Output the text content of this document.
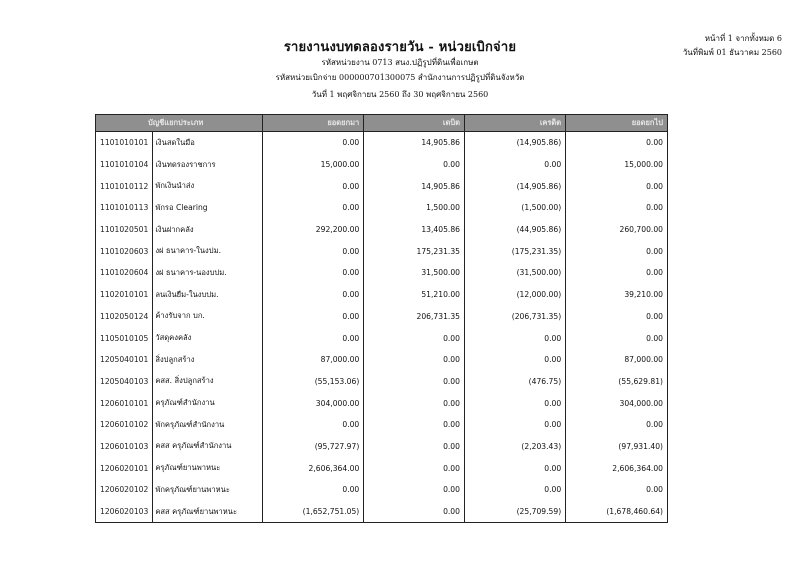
รายงานงบทดลองรายวัน - หน่วยเบิกจ่าย
รหัสหน่วยงาน 0713 สนง.ปฏิรูปที่ดินเพื่อเกษต
รหัสหน่วยเบิกจ่าย 000000701300075 สำนักงานการปฏิรูปที่ดินจังหวัด
วันที่ 1 พฤศจิกายน 2560 ถึง 30 พฤศจิกายน 2560
หน้าที่ 1 จากทั้งหมด 6
วันที่พิมพ์ 01 ธันวาคม 2560
บัญชีแยกประเภท		ยอดยกมา	เดบิต	เครดิต	ยอดยกไป
1101010101	เงินสดในมือ	0.00	14,905.86	(14,905.86)	0.00
1101010104	เงินทดรองราชการ	15,000.00	0.00	0.00	15,000.00
1101010112	พักเงินนำส่ง	0.00	14,905.86	(14,905.86)	0.00
1101010113	พักรอ Clearing	0.00	1,500.00	(1,500.00)	0.00
1101020501	เงินฝากคลัง	292,200.00	13,405.86	(44,905.86)	260,700.00
1101020603	งฝ ธนาคาร-ในงปม.	0.00	175,231.35	(175,231.35)	0.00
1101020604	งฝ ธนาคาร-นองบปม.	0.00	31,500.00	(31,500.00)	0.00
1102010101	ลนเงินยืม-ในงบปม.	0.00	51,210.00	(12,000.00)	39,210.00
1102050124	ค้างรับจาก บก.	0.00	206,731.35	(206,731.35)	0.00
1105010105	วัสดุคงคลัง	0.00	0.00	0.00	0.00
1205040101	สิ่งปลูกสร้าง	87,000.00	0.00	0.00	87,000.00
1205040103	คสส. สิ่งปลูกสร้าง	(55,153.06)	0.00	(476.75)	(55,629.81)
1206010101	ครุภัณฑ์สำนักงาน	304,000.00	0.00	0.00	304,000.00
1206010102	พักครุภัณฑ์สำนักงาน	0.00	0.00	0.00	0.00
1206010103	คสส ครุภัณฑ์สำนักงาน	(95,727.97)	0.00	(2,203.43)	(97,931.40)
1206020101	ครุภัณฑ์ยานพาหนะ	2,606,364.00	0.00	0.00	2,606,364.00
1206020102	พักครุภัณฑ์ยานพาหนะ	0.00	0.00	0.00	0.00
1206020103	คสส ครุภัณฑ์ยานพาหนะ	(1,652,751.05)	0.00	(25,709.59)	(1,678,460.64)
